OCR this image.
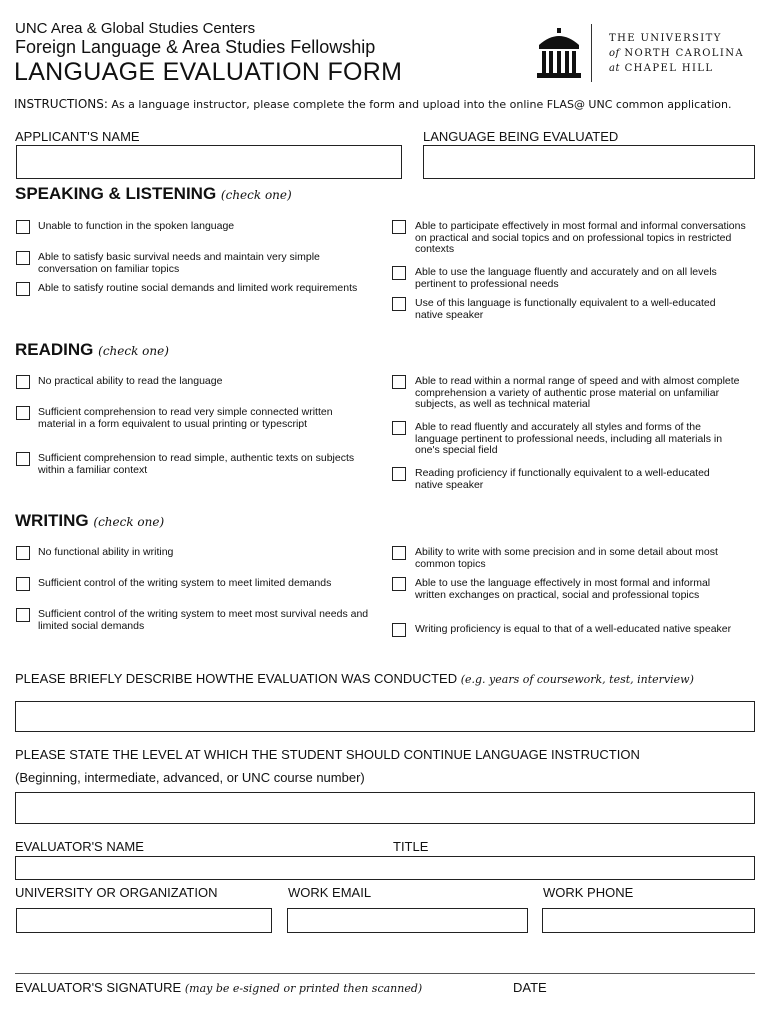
UNC Area & Global Studies Centers
Foreign Language & Area Studies Fellowship
LANGUAGE EVALUATION FORM
THE UNIVERSITY
of NORTH CAROLINA
at CHAPEL HILL
INSTRUCTIONS: As a language instructor, please complete the form and upload into the online FLAS@ UNC common application.
APPLICANT'S NAME	LANGUAGE BEING EVALUATED
SPEAKING & LISTENING (check one)
Unable to function in the spoken language
Able to satisfy basic survival needs and maintain very simple conversation on familiar topics
Able to satisfy routine social demands and limited work requirements
Able to participate effectively in most formal and informal conversations on practical and social topics and on professional topics in restricted contexts
Able to use the language fluently and accurately and on all levels pertinent to professional needs
Use of this language is functionally equivalent to a well-educated native speaker
READING (check one)
No practical ability to read the language
Sufficient comprehension to read very simple connected written material in a form equivalent to usual printing or typescript
Sufficient comprehension to read simple, authentic texts on subjects within a familiar context
Able to read within a normal range of speed and with almost complete comprehension a variety of authentic prose material on unfamiliar subjects, as well as technical material
Able to read fluently and accurately all styles and forms of the language pertinent to professional needs, including all materials in one's special field
Reading proficiency if functionally equivalent to a well-educated native speaker
WRITING (check one)
No functional ability in writing
Sufficient control of the writing system to meet limited demands
Sufficient control of the writing system to meet most survival needs and limited social demands
Ability to write with some precision and in some detail about most common topics
Able to use the language effectively in most formal and informal written exchanges on practical, social and professional topics
Writing proficiency is equal to that of a well-educated native speaker
PLEASE BRIEFLY DESCRIBE HOWTHE EVALUATION WAS CONDUCTED (e.g. years of coursework, test, interview)
PLEASE STATE THE LEVEL AT WHICH THE STUDENT SHOULD CONTINUE LANGUAGE INSTRUCTION
(Beginning, intermediate, advanced, or UNC course number)
EVALUATOR'S NAME	TITLE
UNIVERSITY OR ORGANIZATION	WORK EMAIL	WORK PHONE
EVALUATOR'S SIGNATURE (may be e-signed or printed then scanned)	DATE
